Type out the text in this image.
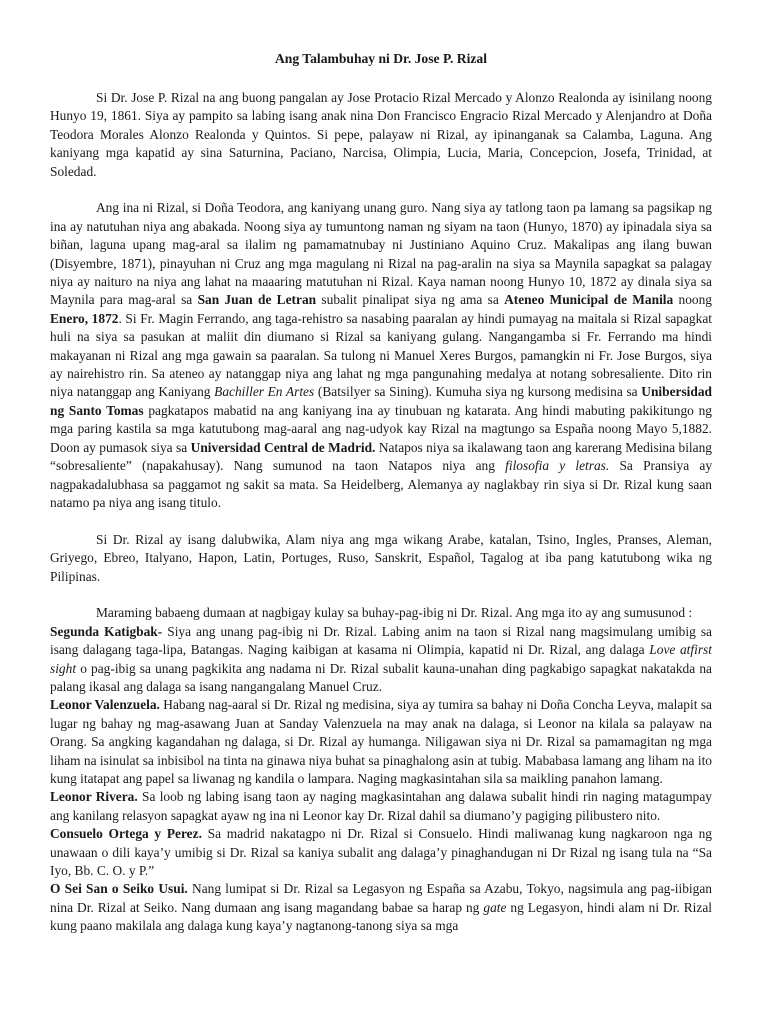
Ang Talambuhay ni Dr. Jose P. Rizal

Si Dr. Jose P. Rizal na ang buong pangalan ay Jose Protacio Rizal Mercado y Alonzo Realonda ay isinilang noong Hunyo 19, 1861. Siya ay pampito sa labing isang anak nina Don Francisco Engracio Rizal Mercado y Alenjandro at Doña Teodora Morales Alonzo Realonda y Quintos. Si pepe, palayaw ni Rizal, ay ipinanganak sa Calamba, Laguna. Ang kaniyang mga kapatid ay sina Saturnina, Paciano, Narcisa, Olimpia, Lucia, Maria, Concepcion, Josefa, Trinidad, at Soledad.

Ang ina ni Rizal, si Doña Teodora, ang kaniyang unang guro. Nang siya ay tatlong taon pa lamang sa pagsikap ng ina ay natutuhan niya ang abakada. Noong siya ay tumuntong naman ng siyam na taon (Hunyo, 1870) ay ipinadala siya sa biñan, laguna upang mag-aral sa ilalim ng pamamatnubay ni Justiniano Aquino Cruz. Makalipas ang ilang buwan (Disyembre, 1871), pinayuhan ni Cruz ang mga magulang ni Rizal na pag-aralin na siya sa Maynila sapagkat sa palagay niya ay naituro na niya ang lahat na maaaring matutuhan ni Rizal. Kaya naman noong Hunyo 10, 1872 ay dinala siya sa Maynila para mag-aral sa San Juan de Letran subalit pinalipat siya ng ama sa Ateneo Municipal de Manila noong Enero, 1872. Si Fr. Magin Ferrando, ang taga-rehistro sa nasabing paaralan ay hindi pumayag na maitala si Rizal sapagkat huli na siya sa pasukan at maliit din diumano si Rizal sa kaniyang gulang. Nangangamba si Fr. Ferrando ma hindi makayanan ni Rizal ang mga gawain sa paaralan. Sa tulong ni Manuel Xeres Burgos, pamangkin ni Fr. Jose Burgos, siya ay nairehistro rin. Sa ateneo ay natanggap niya ang lahat ng mga pangunahing medalya at notang sobresaliente. Dito rin niya natanggap ang Kaniyang Bachiller En Artes (Batsilyer sa Sining). Kumuha siya ng kursong medisina sa Unibersidad ng Santo Tomas pagkatapos mabatid na ang kaniyang ina ay tinubuan ng katarata. Ang hindi mabuting pakikitungo ng mga paring kastila sa mga katutubong mag-aaral ang nag-udyok kay Rizal na magtungo sa España noong Mayo 5,1882. Doon ay pumasok siya sa Universidad Central de Madrid. Natapos niya sa ikalawang taon ang karerang Medisina bilang “sobresaliente” (napakahusay). Nang sumunod na taon Natapos niya ang filosofia y letras. Sa Pransiya ay nagpakadalubhasa sa paggamot ng sakit sa mata. Sa Heidelberg, Alemanya ay naglakbay rin siya si Dr. Rizal kung saan natamo pa niya ang isang titulo.

Si Dr. Rizal ay isang dalubwika, Alam niya ang mga wikang Arabe, katalan, Tsino, Ingles, Pranses, Aleman, Griyego, Ebreo, Italyano, Hapon, Latin, Portuges, Ruso, Sanskrit, Español, Tagalog at iba pang katutubong wika ng Pilipinas.

Maraming babaeng dumaan at nagbigay kulay sa buhay-pag-ibig ni Dr. Rizal. Ang mga ito ay ang sumusunod :

Segunda Katigbak- Siya ang unang pag-ibig ni Dr. Rizal. Labing anim na taon si Rizal nang magsimulang umibig sa isang dalagang taga-lipa, Batangas. Naging kaibigan at kasama ni Olimpia, kapatid ni Dr. Rizal, ang dalaga Love atfirst sight o pag-ibig sa unang pagkikita ang nadama ni Dr. Rizal subalit kauna-unahan ding pagkabigo sapagkat nakatakda na palang ikasal ang dalaga sa isang nangangalang Manuel Cruz.

Leonor Valenzuela. Habang nag-aaral si Dr. Rizal ng medisina, siya ay tumira sa bahay ni Doña Concha Leyva, malapit sa lugar ng bahay ng mag-asawang Juan at Sanday Valenzuela na may anak na dalaga, si Leonor na kilala sa palayaw na Orang. Sa angking kagandahan ng dalaga, si Dr. Rizal ay humanga. Niligawan siya ni Dr. Rizal sa pamamagitan ng mga liham na isinulat sa inbisibol na tinta na ginawa niya buhat sa pinaghalong asin at tubig. Mababasa lamang ang liham na ito kung itatapat ang papel sa liwanag ng kandila o lampara. Naging magkasintahan sila sa maikling panahon lamang.

Leonor Rivera. Sa loob ng labing isang taon ay naging magkasintahan ang dalawa subalit hindi rin naging matagumpay ang kanilang relasyon sapagkat ayaw ng ina ni Leonor kay Dr. Rizal dahil sa diumano’y pagiging pilibustero nito.

Consuelo Ortega y Perez. Sa madrid nakatagpo ni Dr. Rizal si Consuelo. Hindi maliwanag kung nagkaroon nga ng unawaan o dili kaya’y umibig si Dr. Rizal sa kaniya subalit ang dalaga’y pinaghandugan ni Dr Rizal ng isang tula na “Sa Iyo, Bb. C. O. y P.”

O Sei San o Seiko Usui. Nang lumipat si Dr. Rizal sa Legasyon ng España sa Azabu, Tokyo, nagsimula ang pag-iibigan nina Dr. Rizal at Seiko. Nang dumaan ang isang magandang babae sa harap ng gate ng Legasyon, hindi alam ni Dr. Rizal kung paano makilala ang dalaga kung kaya’y nagtanong-tanong siya sa mga
